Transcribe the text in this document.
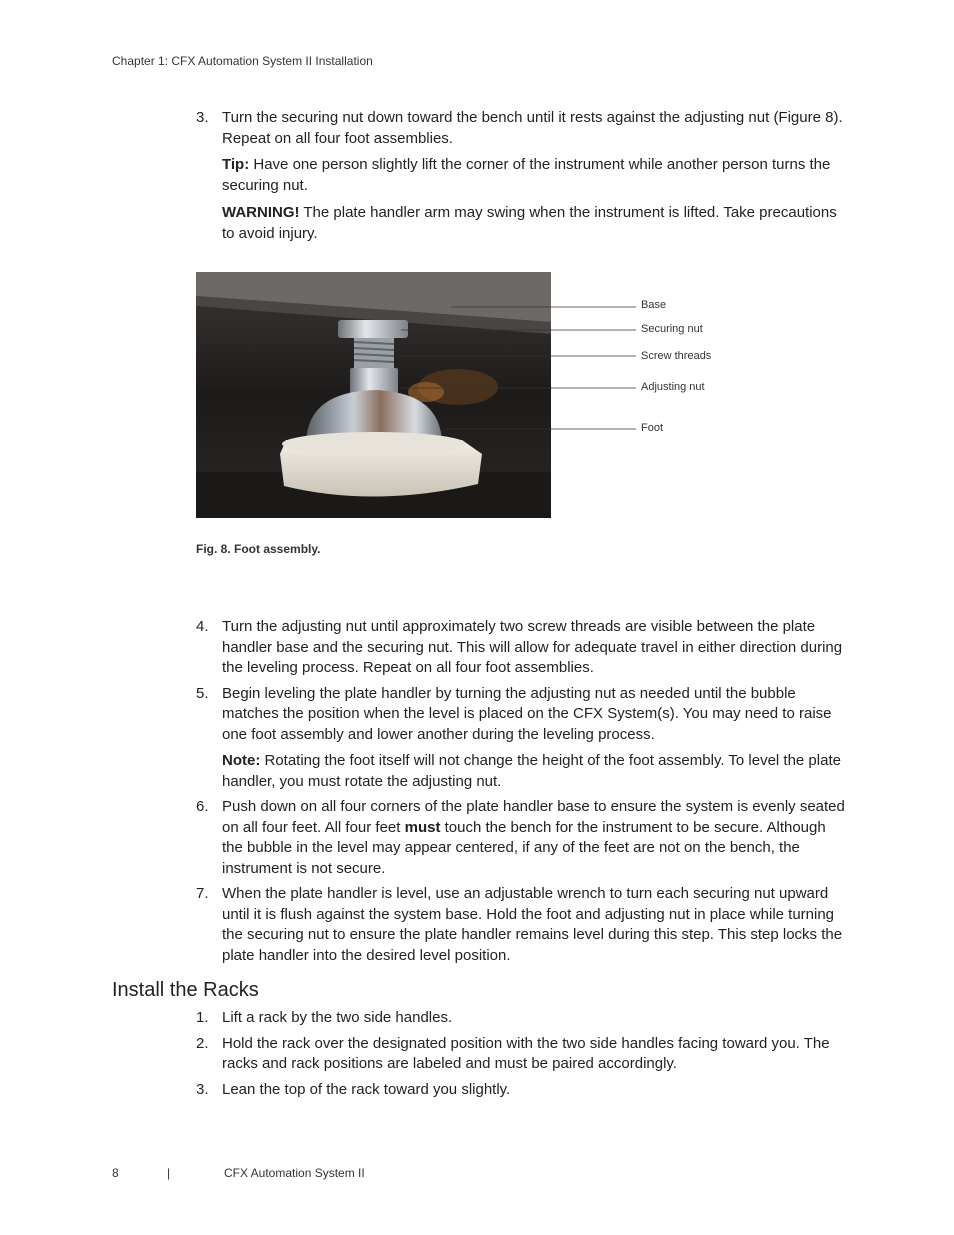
Chapter 1: CFX Automation System II Installation
3. Turn the securing nut down toward the bench until it rests against the adjusting nut (Figure 8). Repeat on all four foot assemblies.
Tip: Have one person slightly lift the corner of the instrument while another person turns the securing nut.
WARNING! The plate handler arm may swing when the instrument is lifted. Take precautions to avoid injury.
Base
Securing nut
Screw threads
Adjusting nut
Foot
Fig. 8. Foot assembly.
4. Turn the adjusting nut until approximately two screw threads are visible between the plate handler base and the securing nut. This will allow for adequate travel in either direction during the leveling process. Repeat on all four foot assemblies.
5. Begin leveling the plate handler by turning the adjusting nut as needed until the bubble matches the position when the level is placed on the CFX System(s). You may need to raise one foot assembly and lower another during the leveling process.
Note: Rotating the foot itself will not change the height of the foot assembly. To level the plate handler, you must rotate the adjusting nut.
6. Push down on all four corners of the plate handler base to ensure the system is evenly seated on all four feet. All four feet must touch the bench for the instrument to be secure. Although the bubble in the level may appear centered, if any of the feet are not on the bench, the instrument is not secure.
7. When the plate handler is level, use an adjustable wrench to turn each securing nut upward until it is flush against the system base. Hold the foot and adjusting nut in place while turning the securing nut to ensure the plate handler remains level during this step. This step locks the plate handler into the desired level position.
Install the Racks
1. Lift a rack by the two side handles.
2. Hold the rack over the designated position with the two side handles facing toward you. The racks and rack positions are labeled and must be paired accordingly.
3. Lean the top of the rack toward you slightly.
8	|	CFX Automation System II
